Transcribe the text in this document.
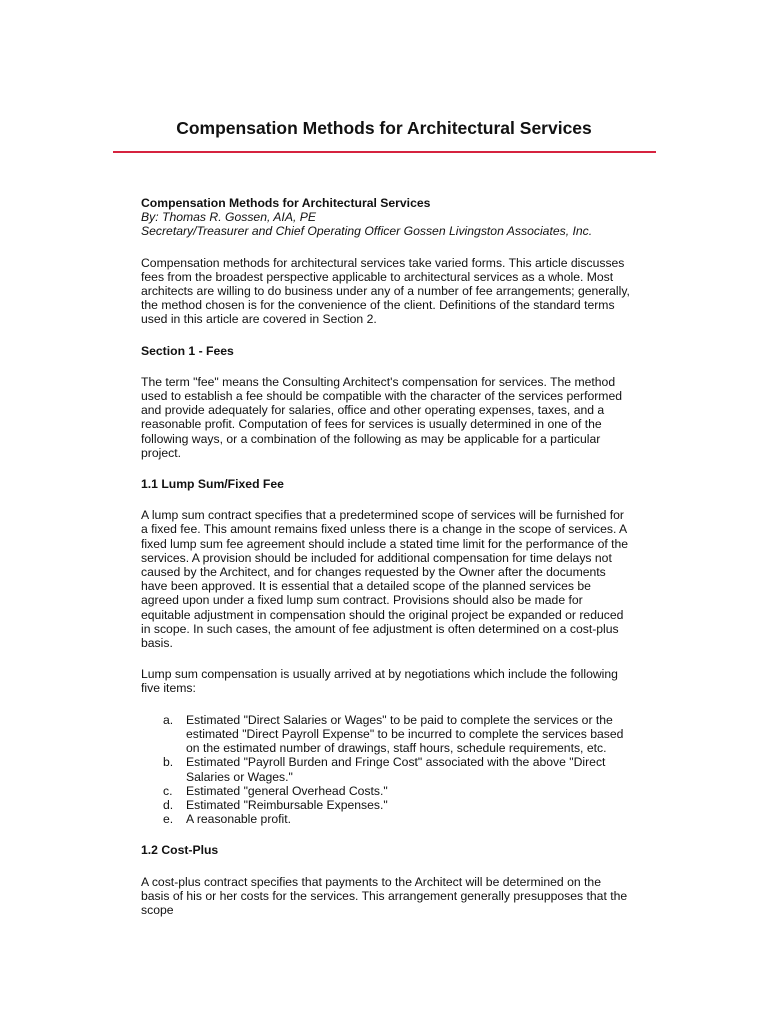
Compensation Methods for Architectural Services

Compensation Methods for Architectural Services

By: Thomas R. Gossen, AIA, PE

Secretary/Treasurer and Chief Operating Officer Gossen Livingston Associates, Inc.

Compensation methods for architectural services take varied forms. This article discusses fees from the broadest perspective applicable to architectural services as a whole. Most architects are willing to do business under any of a number of fee arrangements; generally, the method chosen is for the convenience of the client. Definitions of the standard terms used in this article are covered in Section 2.

Section 1 - Fees

The term "fee" means the Consulting Architect's compensation for services. The method used to establish a fee should be compatible with the character of the services performed and provide adequately for salaries, office and other operating expenses, taxes, and a reasonable profit. Computation of fees for services is usually determined in one of the following ways, or a combination of the following as may be applicable for a particular project.

1.1 Lump Sum/Fixed Fee

A lump sum contract specifies that a predetermined scope of services will be furnished for a fixed fee. This amount remains fixed unless there is a change in the scope of services. A fixed lump sum fee agreement should include a stated time limit for the performance of the services. A provision should be included for additional compensation for time delays not caused by the Architect, and for changes requested by the Owner after the documents have been approved. It is essential that a detailed scope of the planned services be agreed upon under a fixed lump sum contract. Provisions should also be made for equitable adjustment in compensation should the original project be expanded or reduced in scope. In such cases, the amount of fee adjustment is often determined on a cost-plus basis.

Lump sum compensation is usually arrived at by negotiations which include the following five items:

a. Estimated "Direct Salaries or Wages" to be paid to complete the services or the estimated "Direct Payroll Expense" to be incurred to complete the services based on the estimated number of drawings, staff hours, schedule requirements, etc.
b. Estimated "Payroll Burden and Fringe Cost" associated with the above "Direct Salaries or Wages."
c. Estimated "general Overhead Costs."
d. Estimated "Reimbursable Expenses."
e. A reasonable profit.

1.2 Cost-Plus

A cost-plus contract specifies that payments to the Architect will be determined on the basis of his or her costs for the services. This arrangement generally presupposes that the scope
